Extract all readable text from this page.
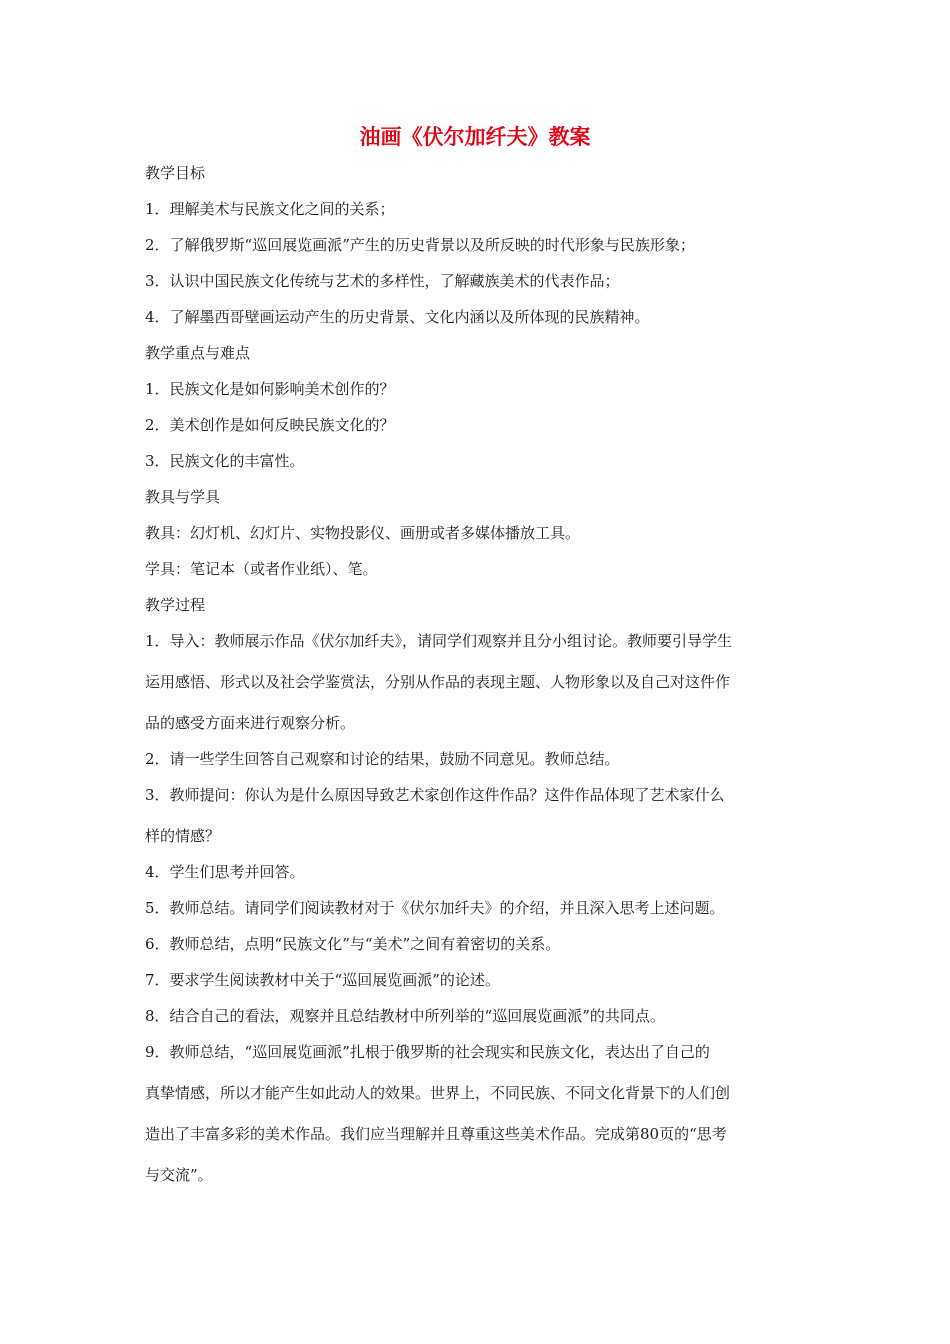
油画《伏尔加纤夫》教案
教学目标
1．理解美术与民族文化之间的关系；
2．了解俄罗斯“巡回展览画派”产生的历史背景以及所反映的时代形象与民族形象；
3．认识中国民族文化传统与艺术的多样性，了解藏族美术的代表作品；
4．了解墨西哥壁画运动产生的历史背景、文化内涵以及所体现的民族精神。
教学重点与难点
1．民族文化是如何影响美术创作的？
2．美术创作是如何反映民族文化的？
3．民族文化的丰富性。
教具与学具
教具：幻灯机、幻灯片、实物投影仪、画册或者多媒体播放工具。
学具：笔记本（或者作业纸）、笔。
教学过程
1．导入：教师展示作品《伏尔加纤夫》，请同学们观察并且分小组讨论。教师要引导学生
运用感悟、形式以及社会学鉴赏法，分别从作品的表现主题、人物形象以及自己对这件作
品的感受方面来进行观察分析。
2．请一些学生回答自己观察和讨论的结果，鼓励不同意见。教师总结。
3．教师提问：你认为是什么原因导致艺术家创作这件作品？这件作品体现了艺术家什么
样的情感？
4．学生们思考并回答。
5．教师总结。请同学们阅读教材对于《伏尔加纤夫》的介绍，并且深入思考上述问题。
6．教师总结，点明“民族文化”与“美术”之间有着密切的关系。
7．要求学生阅读教材中关于“巡回展览画派”的论述。
8．结合自己的看法，观察并且总结教材中所列举的“巡回展览画派”的共同点。
9．教师总结，“巡回展览画派”扎根于俄罗斯的社会现实和民族文化，表达出了自己的
真挚情感，所以才能产生如此动人的效果。世界上，不同民族、不同文化背景下的人们创
造出了丰富多彩的美术作品。我们应当理解并且尊重这些美术作品。完成第80页的“思考
与交流”。
